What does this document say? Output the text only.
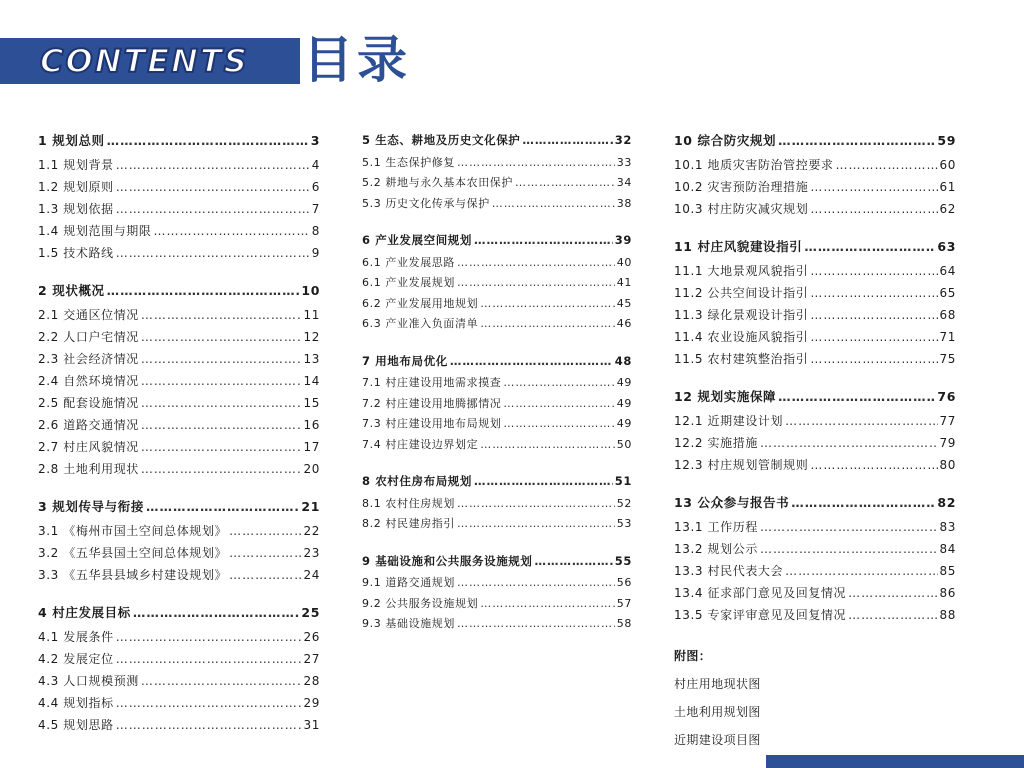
CONTENTS 目录
1 规划总则 ……………………………………………………………………………………………………………………	3
1.1 规划背景 ……………………………………………………………………………………………………………………	4
1.2 规划原则 ……………………………………………………………………………………………………………………	6
1.3 规划依据 ……………………………………………………………………………………………………………………	7
1.4 规划范围与期限 ……………………………………………………………………………………………………………………	8
1.5 技术路线 ……………………………………………………………………………………………………………………	9
2 现状概况 ……………………………………………………………………………………………………………………	10
2.1 交通区位情况 ……………………………………………………………………………………………………………………	11
2.2 人口户宅情况 ……………………………………………………………………………………………………………………	12
2.3 社会经济情况 ……………………………………………………………………………………………………………………	13
2.4 自然环境情况 ……………………………………………………………………………………………………………………	14
2.5 配套设施情况 ……………………………………………………………………………………………………………………	15
2.6 道路交通情况 ……………………………………………………………………………………………………………………	16
2.7 村庄风貌情况 ……………………………………………………………………………………………………………………	17
2.8 土地利用现状 ……………………………………………………………………………………………………………………	20
3 规划传导与衔接 ……………………………………………………………………………………………………………………	21
3.1 《梅州市国土空间总体规划》 ……………………………………………………………………………………………………………………	22
3.2 《五华县国土空间总体规划》 ……………………………………………………………………………………………………………………	23
3.3 《五华县县域乡村建设规划》 ……………………………………………………………………………………………………………………	24
4 村庄发展目标 ……………………………………………………………………………………………………………………	25
4.1 发展条件 ……………………………………………………………………………………………………………………	26
4.2 发展定位 ……………………………………………………………………………………………………………………	27
4.3 人口规模预测 ……………………………………………………………………………………………………………………	28
4.4 规划指标 ……………………………………………………………………………………………………………………	29
4.5 规划思路 ……………………………………………………………………………………………………………………	31
5 生态、耕地及历史文化保护 ……………………………………………………………………………………………………………………	32
5.1 生态保护修复 ……………………………………………………………………………………………………………………	33
5.2 耕地与永久基本农田保护 ……………………………………………………………………………………………………………………	34
5.3 历史文化传承与保护 ……………………………………………………………………………………………………………………	38
6 产业发展空间规划 ……………………………………………………………………………………………………………………	39
6.1 产业发展思路 ……………………………………………………………………………………………………………………	40
6.1 产业发展规划 ……………………………………………………………………………………………………………………	41
6.2 产业发展用地规划 ……………………………………………………………………………………………………………………	45
6.3 产业准入负面清单 ……………………………………………………………………………………………………………………	46
7 用地布局优化 ……………………………………………………………………………………………………………………	48
7.1 村庄建设用地需求摸查 ……………………………………………………………………………………………………………………	49
7.2 村庄建设用地腾挪情况 ……………………………………………………………………………………………………………………	49
7.3 村庄建设用地布局规划 ……………………………………………………………………………………………………………………	49
7.4 村庄建设边界划定 ……………………………………………………………………………………………………………………	50
8 农村住房布局规划 ……………………………………………………………………………………………………………………	51
8.1 农村住房规划 ……………………………………………………………………………………………………………………	52
8.2 村民建房指引 ……………………………………………………………………………………………………………………	53
9 基础设施和公共服务设施规划 ……………………………………………………………………………………………………………………	55
9.1 道路交通规划 ……………………………………………………………………………………………………………………	56
9.2 公共服务设施规划 ……………………………………………………………………………………………………………………	57
9.3 基础设施规划 ……………………………………………………………………………………………………………………	58
10 综合防灾规划 ……………………………………………………………………………………………………………………	59
10.1 地质灾害防治管控要求 ……………………………………………………………………………………………………………………	60
10.2 灾害预防治理措施 ……………………………………………………………………………………………………………………	61
10.3 村庄防灾减灾规划 ……………………………………………………………………………………………………………………	62
11 村庄风貌建设指引 ……………………………………………………………………………………………………………………	63
11.1 大地景观风貌指引 ……………………………………………………………………………………………………………………	64
11.2 公共空间设计指引 ……………………………………………………………………………………………………………………	65
11.3 绿化景观设计指引 ……………………………………………………………………………………………………………………	68
11.4 农业设施风貌指引 ……………………………………………………………………………………………………………………	71
11.5 农村建筑整治指引 ……………………………………………………………………………………………………………………	75
12 规划实施保障 ……………………………………………………………………………………………………………………	76
12.1 近期建设计划 ……………………………………………………………………………………………………………………	77
12.2 实施措施 ……………………………………………………………………………………………………………………	79
12.3 村庄规划管制规则 ……………………………………………………………………………………………………………………	80
13 公众参与报告书 ……………………………………………………………………………………………………………………	82
13.1 工作历程 ……………………………………………………………………………………………………………………	83
13.2 规划公示 ……………………………………………………………………………………………………………………	84
13.3 村民代表大会 ……………………………………………………………………………………………………………………	85
13.4 征求部门意见及回复情况 ……………………………………………………………………………………………………………………	86
13.5 专家评审意见及回复情况 ……………………………………………………………………………………………………………………	88
附图：
村庄用地现状图
土地利用规划图
近期建设项目图
